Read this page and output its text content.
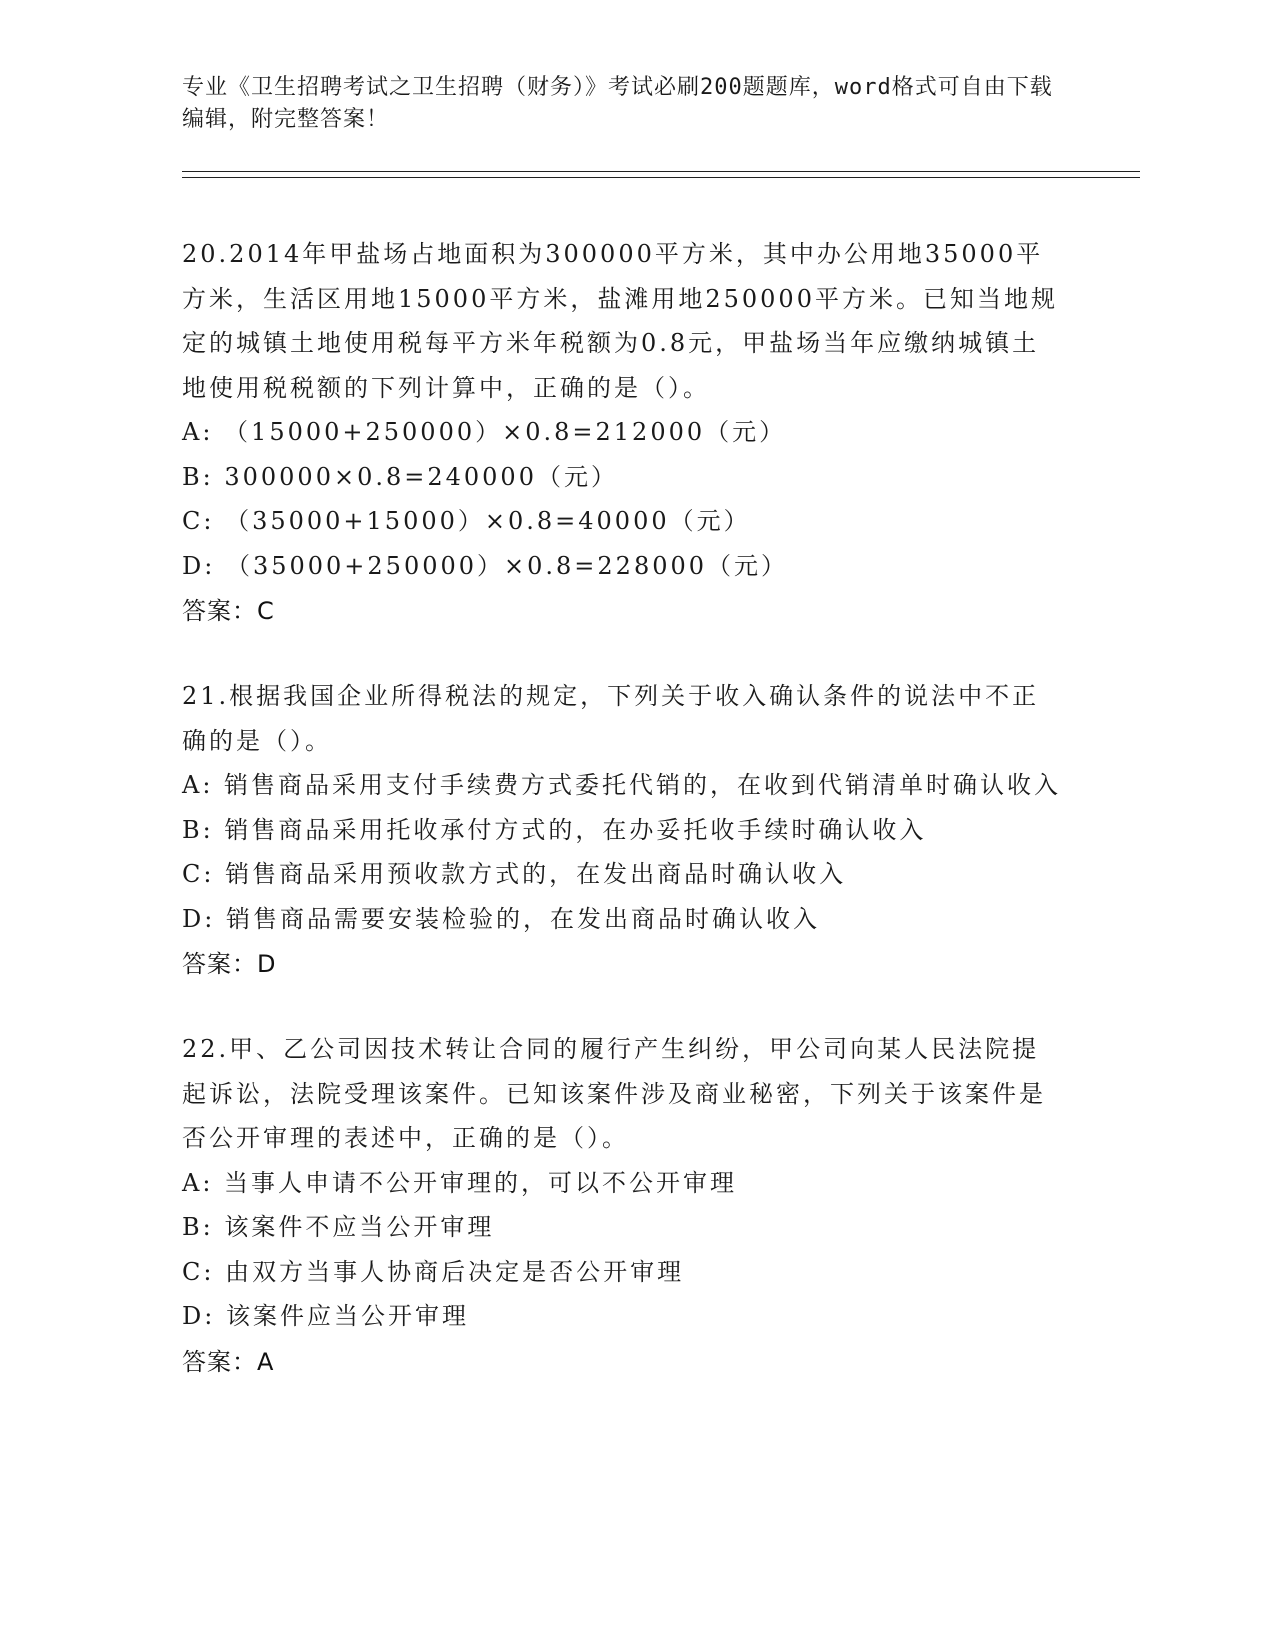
专业《卫生招聘考试之卫生招聘（财务）》考试必刷200题题库，word格式可自由下载编辑，附完整答案！

20.2014年甲盐场占地面积为300000平方米，其中办公用地35000平方米，生活区用地15000平方米，盐滩用地250000平方米。已知当地规定的城镇土地使用税每平方米年税额为0.8元，甲盐场当年应缴纳城镇土地使用税税额的下列计算中，正确的是（）。

A: （15000+250000）×0.8=212000（元）

B: 300000×0.8=240000（元）

C: （35000+15000）×0.8=40000（元）

D: （35000+250000）×0.8=228000（元）

答案：C

21.根据我国企业所得税法的规定，下列关于收入确认条件的说法中不正确的是（）。

A: 销售商品采用支付手续费方式委托代销的，在收到代销清单时确认收入

B: 销售商品采用托收承付方式的，在办妥托收手续时确认收入

C: 销售商品采用预收款方式的，在发出商品时确认收入

D: 销售商品需要安装检验的，在发出商品时确认收入

答案：D

22.甲、乙公司因技术转让合同的履行产生纠纷，甲公司向某人民法院提起诉讼，法院受理该案件。已知该案件涉及商业秘密，下列关于该案件是否公开审理的表述中，正确的是（）。

A: 当事人申请不公开审理的，可以不公开审理

B: 该案件不应当公开审理

C: 由双方当事人协商后决定是否公开审理

D: 该案件应当公开审理

答案：A
